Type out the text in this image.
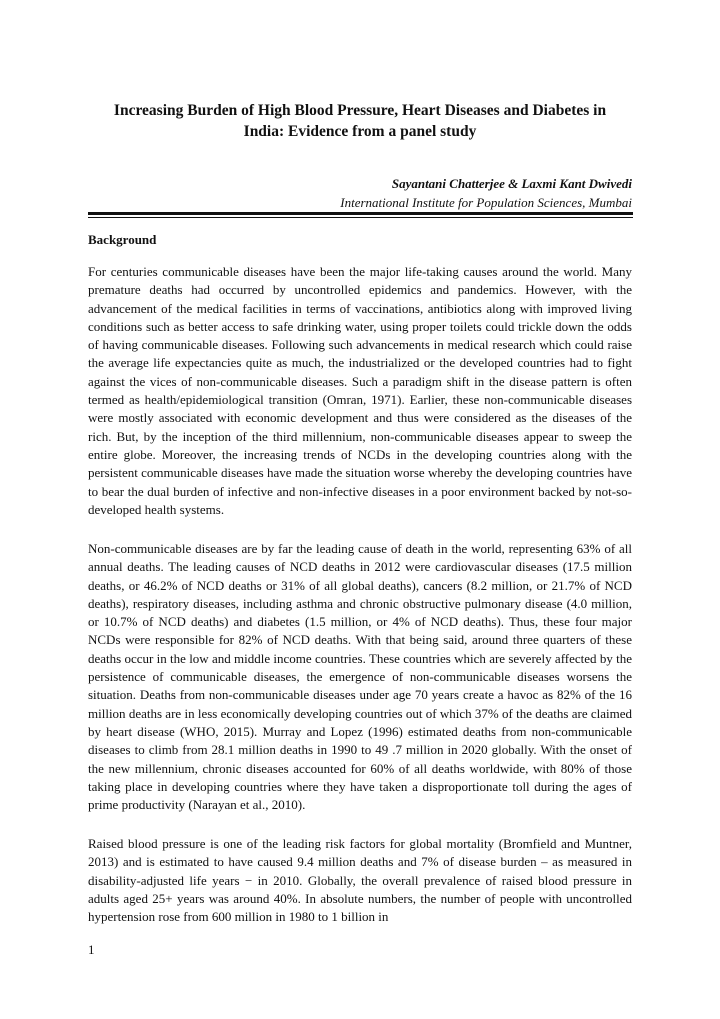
Increasing Burden of High Blood Pressure, Heart Diseases and Diabetes in
India: Evidence from a panel study
Sayantani Chatterjee & Laxmi Kant Dwivedi
International Institute for Population Sciences, Mumbai
Background

For centuries communicable diseases have been the major life-taking causes around the world. Many premature deaths had occurred by uncontrolled epidemics and pandemics. However, with the advancement of the medical facilities in terms of vaccinations, antibiotics along with improved living conditions such as better access to safe drinking water, using proper toilets could trickle down the odds of having communicable diseases. Following such advancements in medical research which could raise the average life expectancies quite as much, the industrialized or the developed countries had to fight against the vices of non-communicable diseases. Such a paradigm shift in the disease pattern is often termed as health/epidemiological transition (Omran, 1971). Earlier, these non-communicable diseases were mostly associated with economic development and thus were considered as the diseases of the rich. But, by the inception of the third millennium, non-communicable diseases appear to sweep the entire globe. Moreover, the increasing trends of NCDs in the developing countries along with the persistent communicable diseases have made the situation worse whereby the developing countries have to bear the dual burden of infective and non-infective diseases in a poor environment backed by not-so-developed health systems.

Non-communicable diseases are by far the leading cause of death in the world, representing 63% of all annual deaths. The leading causes of NCD deaths in 2012 were cardiovascular diseases (17.5 million deaths, or 46.2% of NCD deaths or 31% of all global deaths), cancers (8.2 million, or 21.7% of NCD deaths), respiratory diseases, including asthma and chronic obstructive pulmonary disease (4.0 million, or 10.7% of NCD deaths) and diabetes (1.5 million, or 4% of NCD deaths). Thus, these four major NCDs were responsible for 82% of NCD deaths. With that being said, around three quarters of these deaths occur in the low and middle income countries. These countries which are severely affected by the persistence of communicable diseases, the emergence of non-communicable diseases worsens the situation. Deaths from non-communicable diseases under age 70 years create a havoc as 82% of the 16 million deaths are in less economically developing countries out of which 37% of the deaths are claimed by heart disease (WHO, 2015). Murray and Lopez (1996) estimated deaths from non-communicable diseases to climb from 28.1 million deaths in 1990 to 49 .7 million in 2020 globally. With the onset of the new millennium, chronic diseases accounted for 60% of all deaths worldwide, with 80% of those taking place in developing countries where they have taken a disproportionate toll during the ages of prime productivity (Narayan et al., 2010).

Raised blood pressure is one of the leading risk factors for global mortality (Bromfield and Muntner, 2013) and is estimated to have caused 9.4 million deaths and 7% of disease burden – as measured in disability-adjusted life years − in 2010. Globally, the overall prevalence of raised blood pressure in adults aged 25+ years was around 40%. In absolute numbers, the number of people with uncontrolled hypertension rose from 600 million in 1980 to 1 billion in

1
